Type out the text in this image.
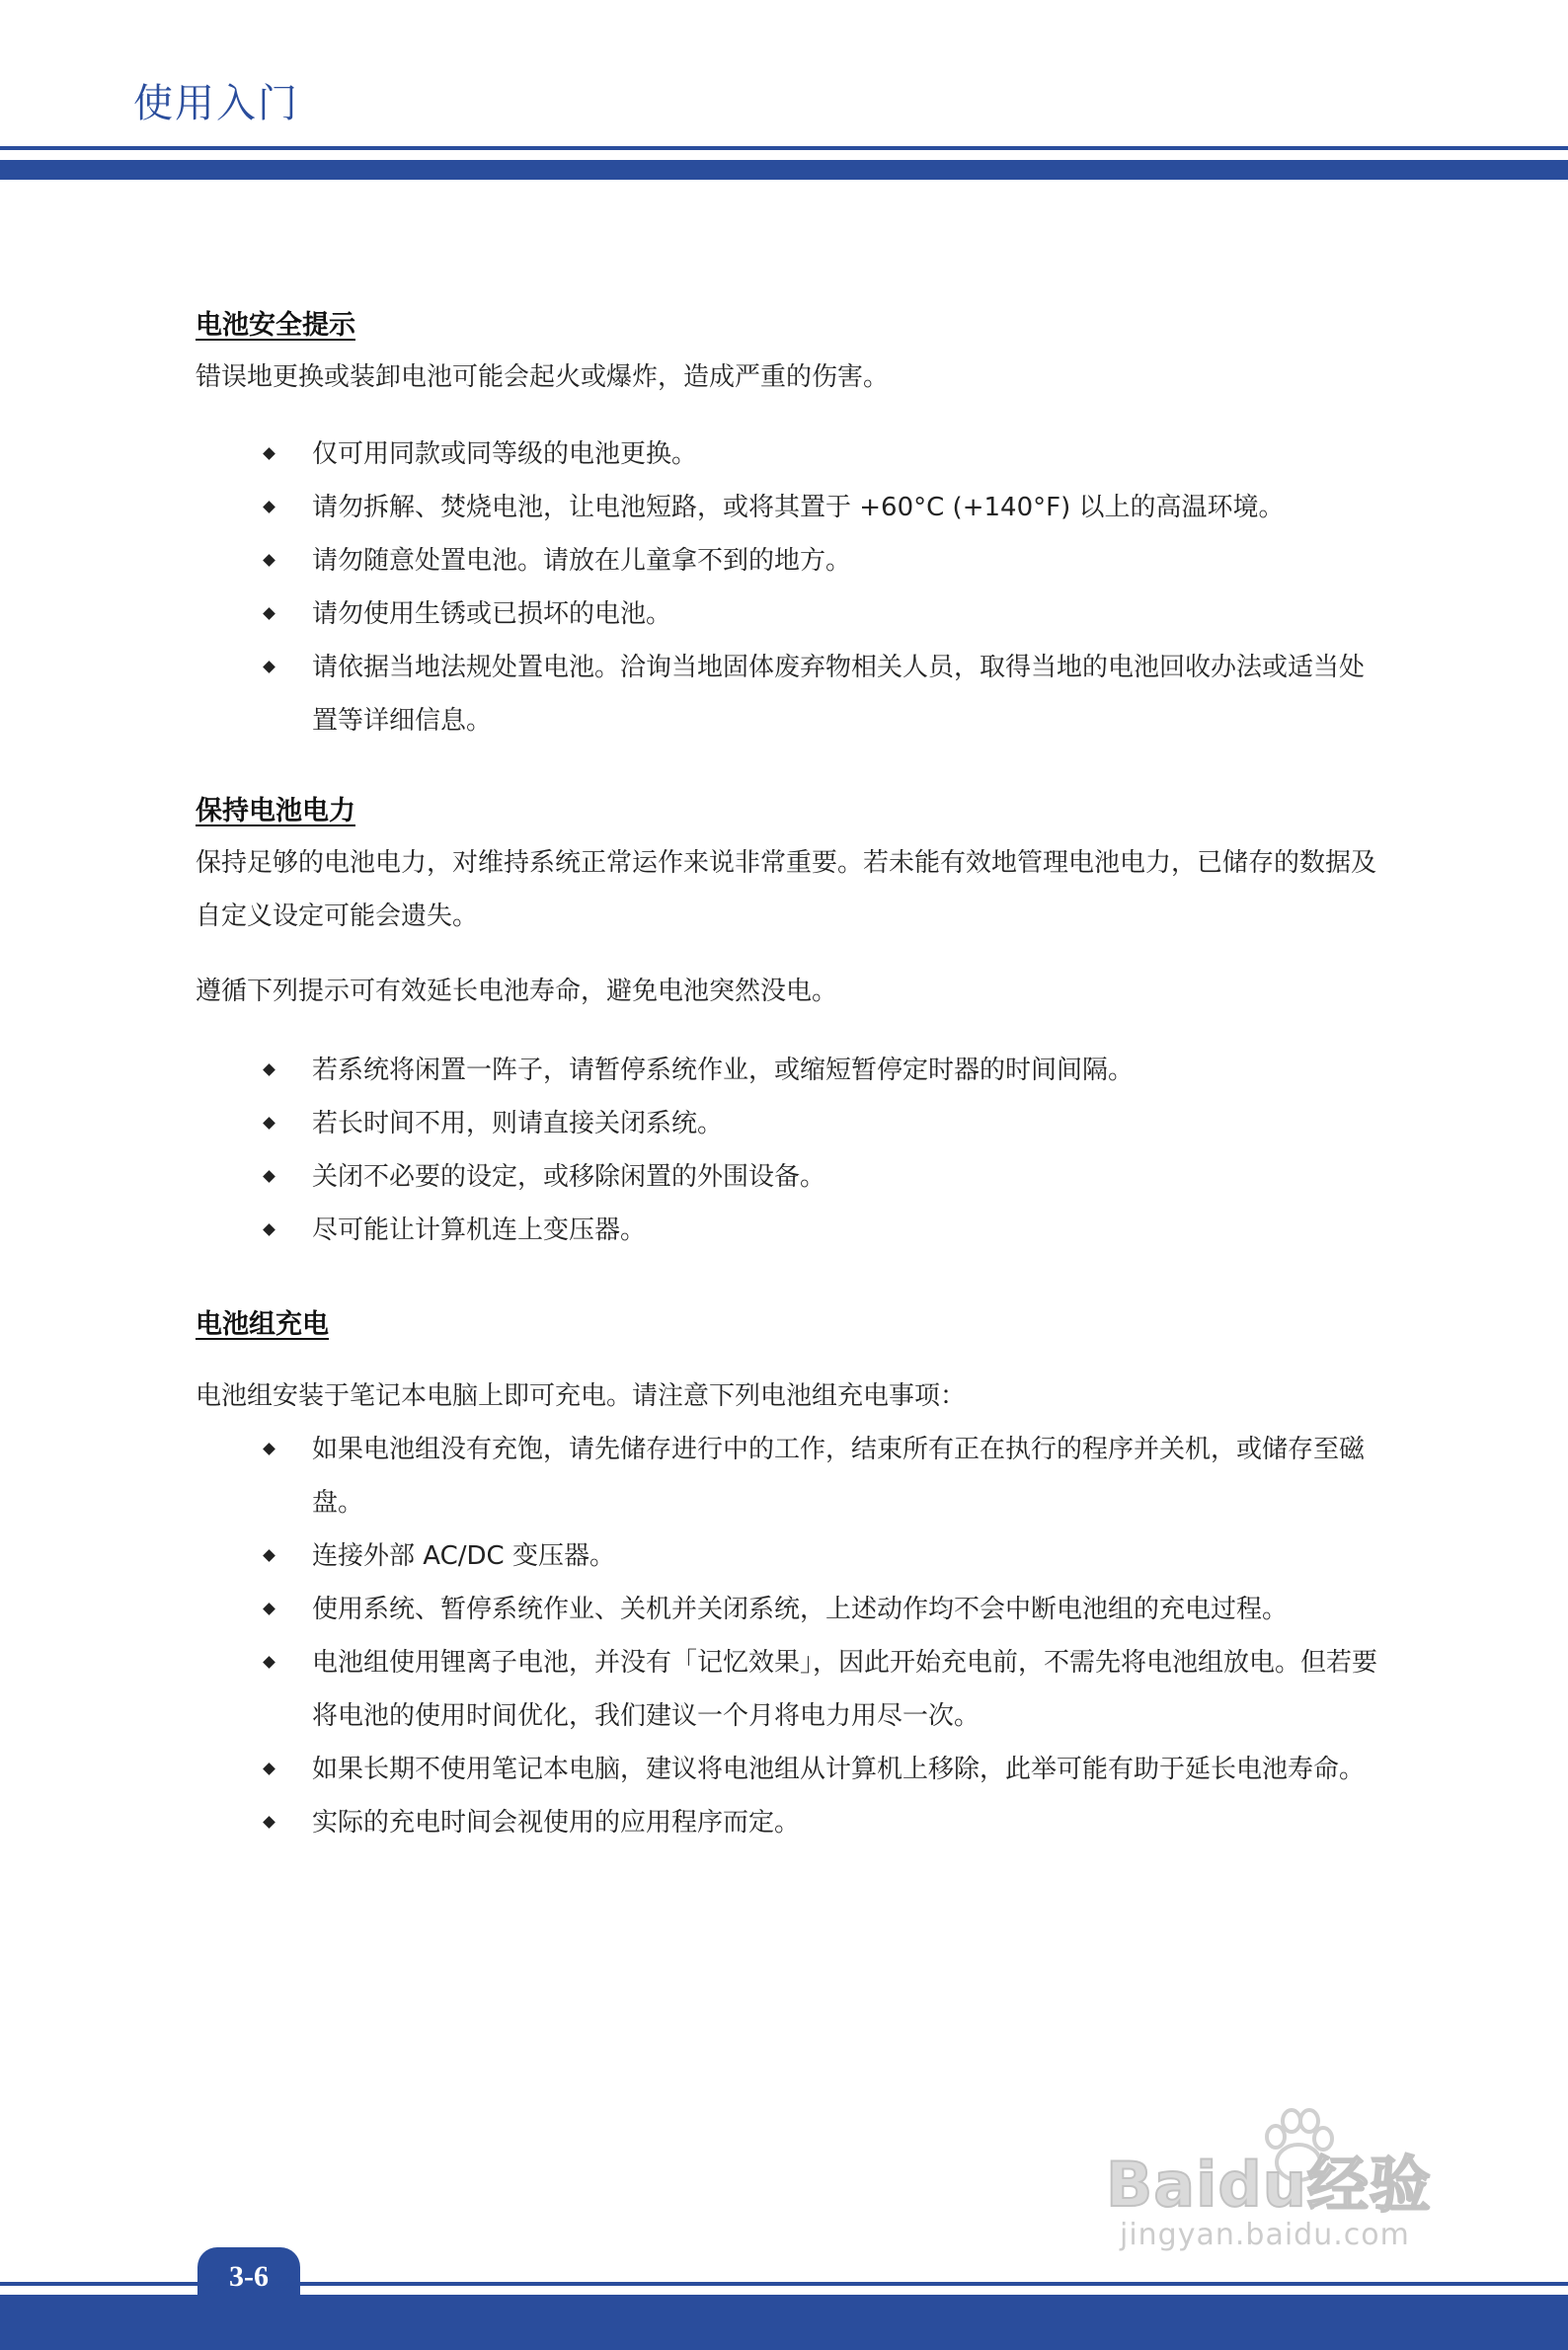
使用入门
电池安全提示

错误地更换或装卸电池可能会起火或爆炸，造成严重的伤害。

仅可用同款或同等级的电池更换。
请勿拆解、焚烧电池，让电池短路，或将其置于 +60°C (+140°F) 以上的高温环境。
请勿随意处置电池。请放在儿童拿不到的地方。
请勿使用生锈或已损坏的电池。
请依据当地法规处置电池。洽询当地固体废弃物相关人员，取得当地的电池回收办法或适当处置等详细信息。
保持电池电力

保持足够的电池电力，对维持系统正常运作来说非常重要。若未能有效地管理电池电力，已储存的数据及自定义设定可能会遗失。

遵循下列提示可有效延长电池寿命，避免电池突然没电。

若系统将闲置一阵子，请暂停系统作业，或缩短暂停定时器的时间间隔。
若长时间不用，则请直接关闭系统。
关闭不必要的设定，或移除闲置的外围设备。
尽可能让计算机连上变压器。
电池组充电

电池组安装于笔记本电脑上即可充电。请注意下列电池组充电事项：

如果电池组没有充饱，请先储存进行中的工作，结束所有正在执行的程序并关机，或储存至磁盘。
连接外部 AC/DC 变压器。
使用系统、暂停系统作业、关机并关闭系统，上述动作均不会中断电池组的充电过程。
电池组使用锂离子电池，并没有「记忆效果」，因此开始充电前，不需先将电池组放电。但若要将电池的使用时间优化，我们建议一个月将电力用尽一次。
如果长期不使用笔记本电脑，建议将电池组从计算机上移除，此举可能有助于延长电池寿命。
实际的充电时间会视使用的应用程序而定。
Baidu经验
jingyan.baidu.com
3-6
